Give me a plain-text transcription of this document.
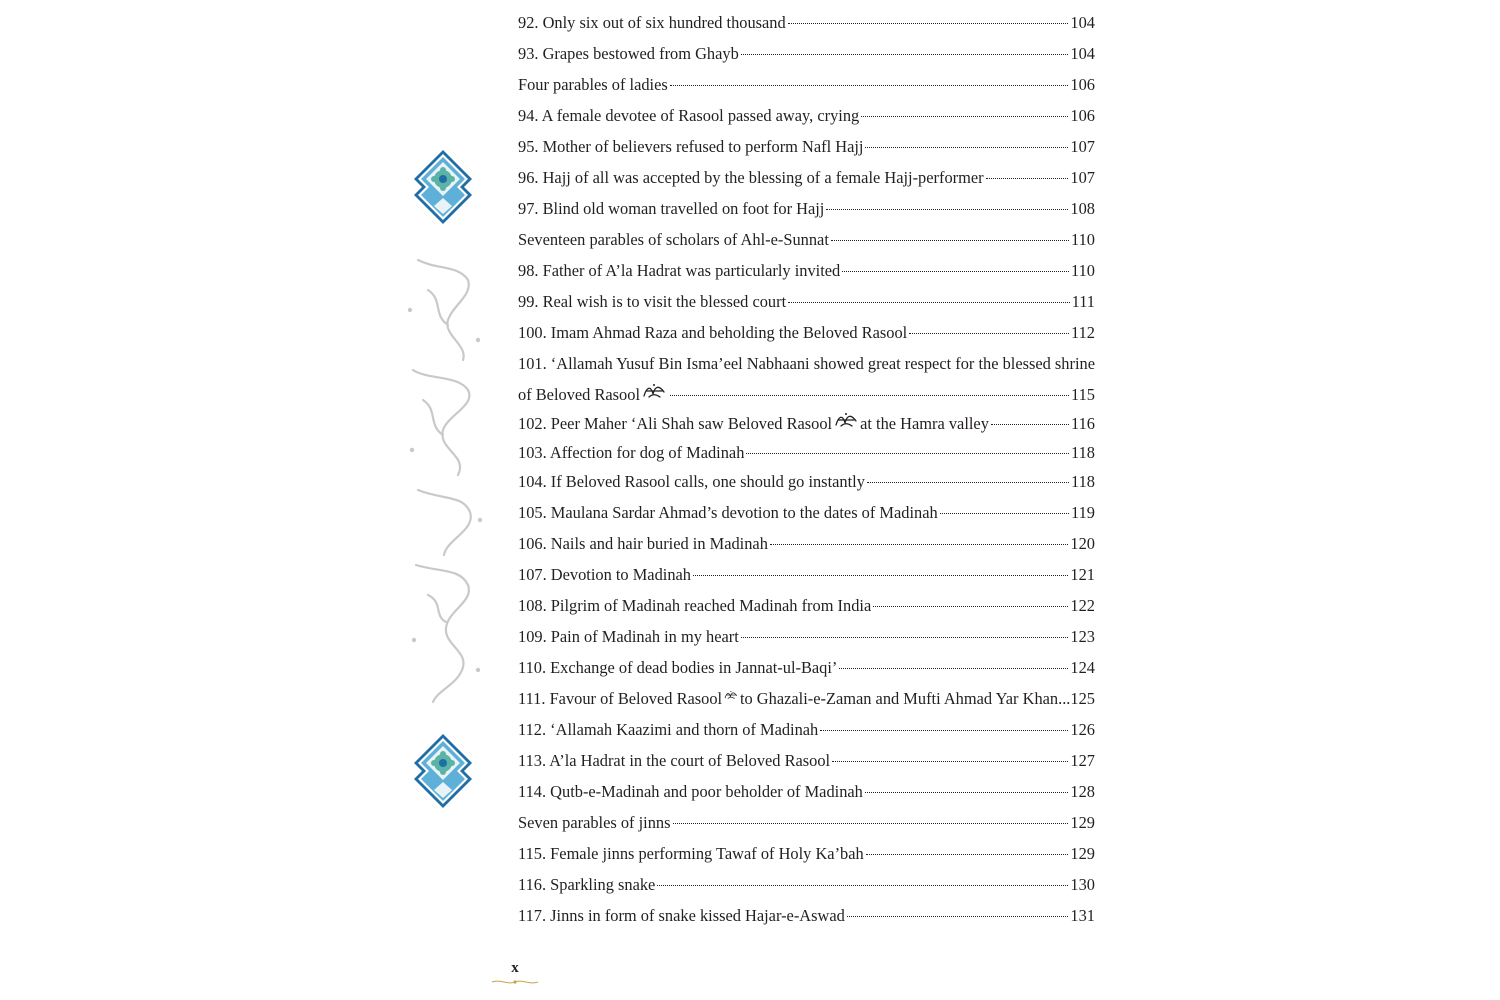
92. Only six out of six hundred thousand	104
93. Grapes bestowed from Ghayb	104
Four parables of ladies	106
94. A female devotee of Rasool passed away, crying	106
95. Mother of believers refused to perform Nafl Hajj	107
96. Hajj of all was accepted by the blessing of a female Hajj-performer	107
97. Blind old woman travelled on foot for Hajj	108
Seventeen parables of scholars of Ahl-e-Sunnat	110
98. Father of A’la Hadrat was particularly invited	110
99. Real wish is to visit the blessed court	111
100. Imam Ahmad Raza and beholding the Beloved Rasool	112
101. ‘Allamah Yusuf Bin Isma’eel Nabhaani showed great respect for the blessed shrine
of Beloved Rasool	115
102. Peer Maher ‘Ali Shah saw Beloved Rasool at the Hamra valley	116
103. Affection for dog of Madinah	118
104. If Beloved Rasool calls, one should go instantly	118
105. Maulana Sardar Ahmad’s devotion to the dates of Madinah	119
106. Nails and hair buried in Madinah	120
107. Devotion to Madinah	121
108. Pilgrim of Madinah reached Madinah from India	122
109. Pain of Madinah in my heart	123
110. Exchange of dead bodies in Jannat-ul-Baqi’	124
111. Favour of Beloved Rasool to Ghazali-e-Zaman and Mufti Ahmad Yar Khan... 125
112. ‘Allamah Kaazimi and thorn of Madinah	126
113. A’la Hadrat in the court of Beloved Rasool	127
114. Qutb-e-Madinah and poor beholder of Madinah	128
Seven parables of jinns	129
115. Female jinns performing Tawaf of Holy Ka’bah	129
116. Sparkling snake	130
117. Jinns in form of snake kissed Hajar-e-Aswad	131
x
